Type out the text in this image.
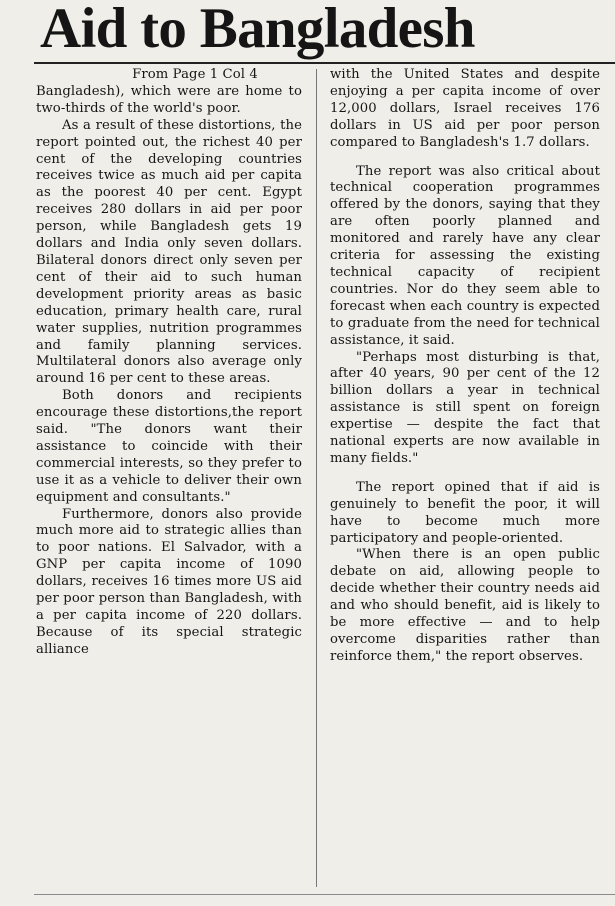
Aid to Bangladesh

From Page 1 Col 4

Bangladesh), which were are home to two-thirds of the world's poor.

As a result of these distortions, the report pointed out, the richest 40 per cent of the developing countries receives twice as much aid per capita as the poorest 40 per cent. Egypt receives 280 dollars in aid per poor person, while Bangladesh gets 19 dollars and India only seven dollars. Bilateral donors direct only seven per cent of their aid to such human development priority areas as basic education, primary health care, rural water supplies, nutrition programmes and family planning services. Multilateral donors also average only around 16 per cent to these areas.

Both donors and recipients encourage these distortions,the report said. "The donors want their assistance to coincide with their commercial interests, so they prefer to use it as a vehicle to deliver their own equipment and consultants."

Furthermore, donors also provide much more aid to strategic allies than to poor nations. El Salvador, with a GNP per capita income of 1090 dollars, receives 16 times more US aid per poor person than Bangladesh, with a per capita income of 220 dollars. Because of its special strategic alliance

with the United States and despite enjoying a per capita income of over 12,000 dollars, Israel receives 176 dollars in US aid per poor person compared to Bangladesh's 1.7 dollars.

The report was also critical about technical cooperation programmes offered by the donors, saying that they are often poorly planned and monitored and rarely have any clear criteria for assessing the existing technical capacity of recipient countries. Nor do they seem able to forecast when each country is expected to graduate from the need for technical assistance, it said.

"Perhaps most disturbing is that, after 40 years, 90 per cent of the 12 billion dollars a year in technical assistance is still spent on foreign expertise — despite the fact that national experts are now available in many fields."

The report opined that if aid is genuinely to benefit the poor, it will have to become much more participatory and people-oriented.

"When there is an open public debate on aid, allowing people to decide whether their country needs aid and who should benefit, aid is likely to be more effective — and to help overcome disparities rather than reinforce them," the report observes.
